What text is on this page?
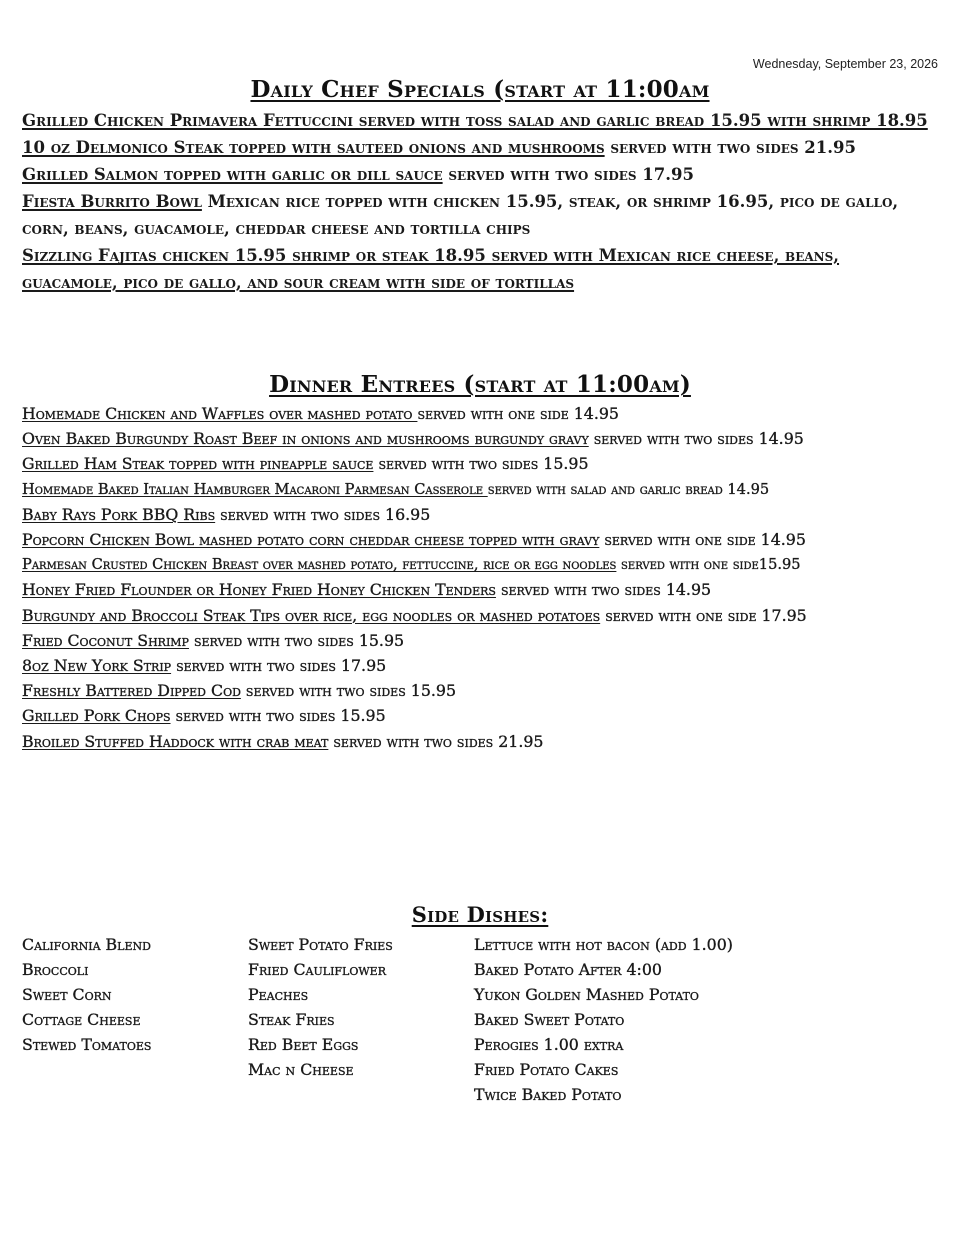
Wednesday, September 23, 2026
Daily Chef Specials (start at 11:00am
Grilled Chicken Primavera Fettuccini served with toss salad and garlic bread 15.95 with shrimp 18.95
10 oz Delmonico Steak topped with sauteed onions and mushrooms served with two sides 21.95
Grilled Salmon topped with garlic or dill sauce served with two sides 17.95
Fiesta Burrito Bowl Mexican rice topped with chicken 15.95, steak, or shrimp 16.95, pico de gallo, corn, beans, guacamole, cheddar cheese and tortilla chips
Sizzling Fajitas chicken 15.95 shrimp or steak 18.95 served with Mexican rice cheese, beans, guacamole, pico de gallo, and sour cream with side of tortillas
Dinner Entrees (start at 11:00am)
Homemade Chicken and Waffles over mashed potato served with one side 14.95
Oven Baked Burgundy Roast Beef in onions and mushrooms burgundy gravy served with two sides 14.95
Grilled Ham Steak topped with pineapple sauce served with two sides 15.95
Homemade Baked Italian Hamburger Macaroni Parmesan Casserole served with salad and garlic bread 14.95
Baby Rays Pork BBQ Ribs served with two sides 16.95
Popcorn Chicken Bowl mashed potato corn cheddar cheese topped with gravy served with one side 14.95
Parmesan Crusted Chicken Breast over mashed potato, fettuccine, rice or egg noodles served with one side15.95
Honey Fried Flounder or Honey Fried Honey Chicken Tenders served with two sides 14.95
Burgundy and Broccoli Steak Tips over rice, egg noodles or mashed potatoes served with one side 17.95
Fried Coconut Shrimp served with two sides 15.95
8oz New York Strip served with two sides 17.95
Freshly Battered Dipped Cod served with two sides 15.95
Grilled Pork Chops served with two sides 15.95
Broiled Stuffed Haddock with crab meat served with two sides 21.95
Side Dishes:
California Blend
Broccoli
Sweet Corn
Cottage Cheese
Stewed Tomatoes
Sweet Potato Fries
Fried Cauliflower
Peaches
Steak Fries
Red Beet Eggs
Mac n Cheese
Lettuce with hot bacon (add 1.00)
Baked Potato After 4:00
Yukon Golden Mashed Potato
Baked Sweet Potato
Perogies 1.00 extra
Fried Potato Cakes
Twice Baked Potato
